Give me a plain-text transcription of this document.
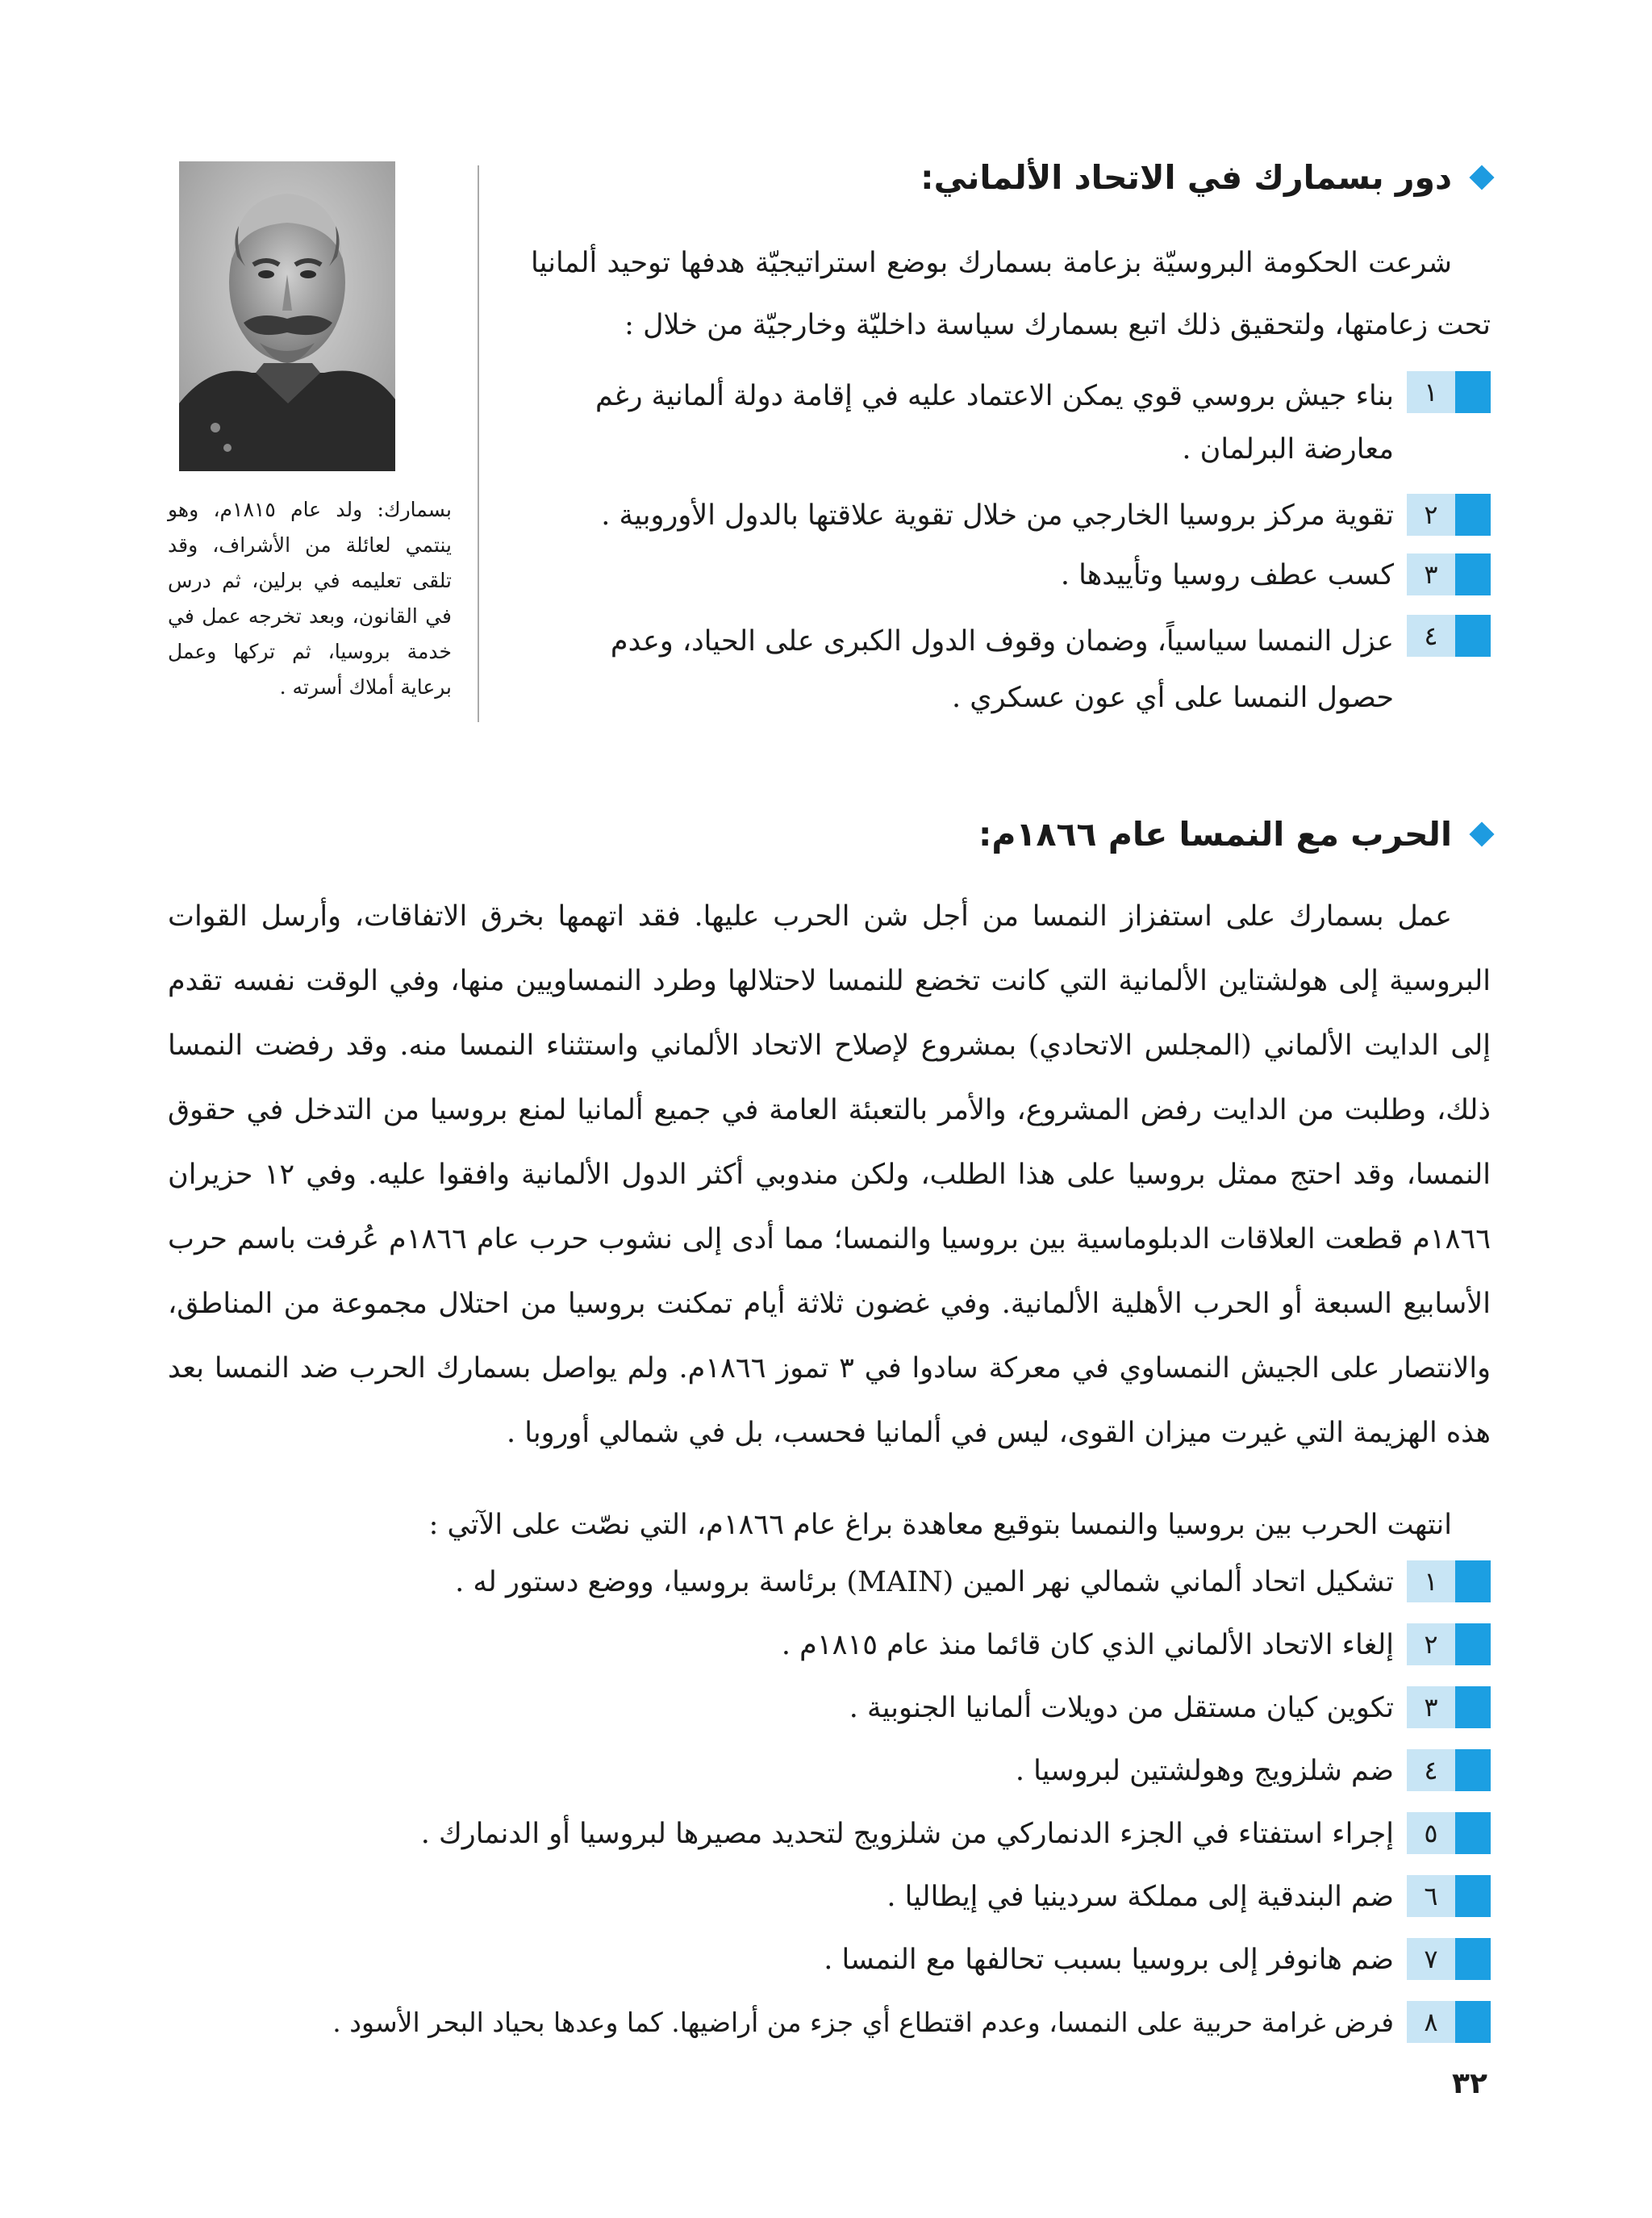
بسمارك: ولد عام ١٨١٥م، وهو ينتمي لعائلة من الأشراف، وقد تلقى تعليمه في برلين، ثم درس في القانون، وبعد تخرجه عمل في خدمة بروسيا، ثم تركها وعمل برعاية أملاك أسرته .
دور بسمارك في الاتحاد الألماني:
شرعت الحكومة البروسيّة بزعامة بسمارك بوضع استراتيجيّة هدفها توحيد ألمانيا تحت زعامتها، ولتحقيق ذلك اتبع بسمارك سياسة داخليّة وخارجيّة من خلال :
١
بناء جيش بروسي قوي يمكن الاعتماد عليه في إقامة دولة ألمانية رغم معارضة البرلمان .
٢
تقوية مركز بروسيا الخارجي من خلال تقوية علاقتها بالدول الأوروبية .
٣
كسب عطف روسيا وتأييدها .
٤
عزل النمسا سياسياً، وضمان وقوف الدول الكبرى على الحياد، وعدم حصول النمسا على أي عون عسكري .
الحرب مع النمسا عام ١٨٦٦م:
عمل بسمارك على استفزاز النمسا من أجل شن الحرب عليها. فقد اتهمها بخرق الاتفاقات، وأرسل القوات البروسية إلى هولشتاين الألمانية التي كانت تخضع للنمسا لاحتلالها وطرد النمساويين منها، وفي الوقت نفسه تقدم إلى الدايت الألماني (المجلس الاتحادي) بمشروع لإصلاح الاتحاد الألماني واستثناء النمسا منه. وقد رفضت النمسا ذلك، وطلبت من الدايت رفض المشروع، والأمر بالتعبئة العامة في جميع ألمانيا لمنع بروسيا من التدخل في حقوق النمسا، وقد احتج ممثل بروسيا على هذا الطلب، ولكن مندوبي أكثر الدول الألمانية وافقوا عليه. وفي ١٢ حزيران ١٨٦٦م قطعت العلاقات الدبلوماسية بين بروسيا والنمسا؛ مما أدى إلى نشوب حرب عام ١٨٦٦م عُرفت باسم حرب الأسابيع السبعة أو الحرب الأهلية الألمانية. وفي غضون ثلاثة أيام تمكنت بروسيا من احتلال مجموعة من المناطق، والانتصار على الجيش النمساوي في معركة سادوا في ٣ تموز ١٨٦٦م. ولم يواصل بسمارك الحرب ضد النمسا بعد هذه الهزيمة التي غيرت ميزان القوى، ليس في ألمانيا فحسب، بل في شمالي أوروبا .
انتهت الحرب بين بروسيا والنمسا بتوقيع معاهدة براغ عام ١٨٦٦م، التي نصّت على الآتي :
١
تشكيل اتحاد ألماني شمالي نهر المين (MAIN) برئاسة بروسيا، ووضع دستور له .
٢
إلغاء الاتحاد الألماني الذي كان قائما منذ عام ١٨١٥م .
٣
تكوين كيان مستقل من دويلات ألمانيا الجنوبية .
٤
ضم شلزويج وهولشتين لبروسيا .
٥
إجراء استفتاء في الجزء الدنماركي من شلزويج لتحديد مصيرها لبروسيا أو الدنمارك .
٦
ضم البندقية إلى مملكة سردينيا في إيطاليا .
٧
ضم هانوفر إلى بروسيا بسبب تحالفها مع النمسا .
٨
فرض غرامة حربية على النمسا، وعدم اقتطاع أي جزء من أراضيها. كما وعدها بحياد البحر الأسود .
٣٢
